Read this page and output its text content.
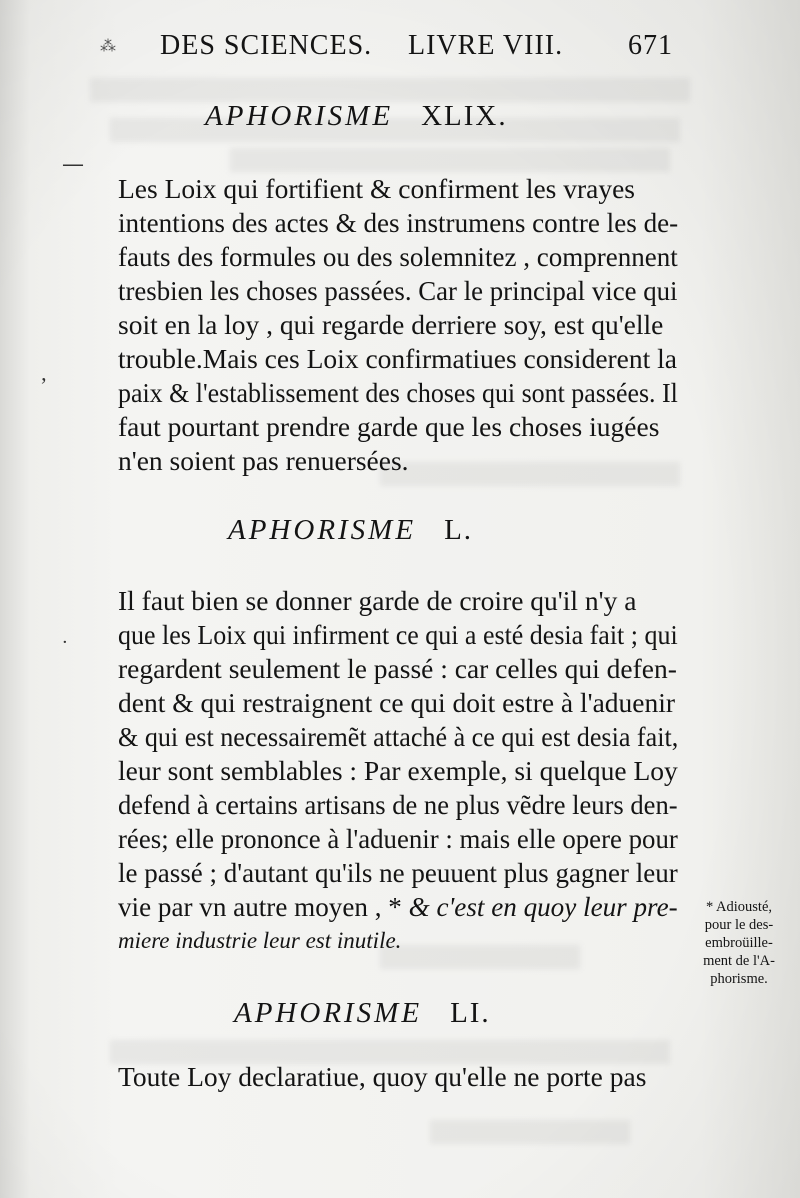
⁂ DES SCIENCES. LIVRE VIII. 671
—
ʼ
·
APHORISME XLIX.
Les Loix qui fortifient & confirment les vrayes
intentions des actes & des instrumens contre les de-
fauts des formules ou des solemnitez , comprennent
tresbien les choses passées. Car le principal vice qui
soit en la loy , qui regarde derriere soy, est qu'elle
trouble.Mais ces Loix confirmatiues considerent la
paix & l'establissement des choses qui sont passées. Il
faut pourtant prendre garde que les choses iugées
n'en soient pas renuersées.
APHORISME L.
Il faut bien se donner garde de croire qu'il n'y a
que les Loix qui infirment ce qui a esté desia fait ; qui
regardent seulement le passé : car celles qui defen-
dent & qui restraignent ce qui doit estre à l'aduenir
& qui est necessairemẽt attaché à ce qui est desia fait,
leur sont semblables : Par exemple, si quelque Loy
defend à certains artisans de ne plus vẽdre leurs den-
rées; elle prononce à l'aduenir : mais elle opere pour
le passé ; d'autant qu'ils ne peuuent plus gagner leur
vie par vn autre moyen , * & c'est en quoy leur pre-
miere industrie leur est inutile.
* Adiousté,
pour le des-
embroüille-
ment de l'A-
phorisme.
APHORISME LI.
Toute Loy declaratiue, quoy qu'elle ne porte pas
